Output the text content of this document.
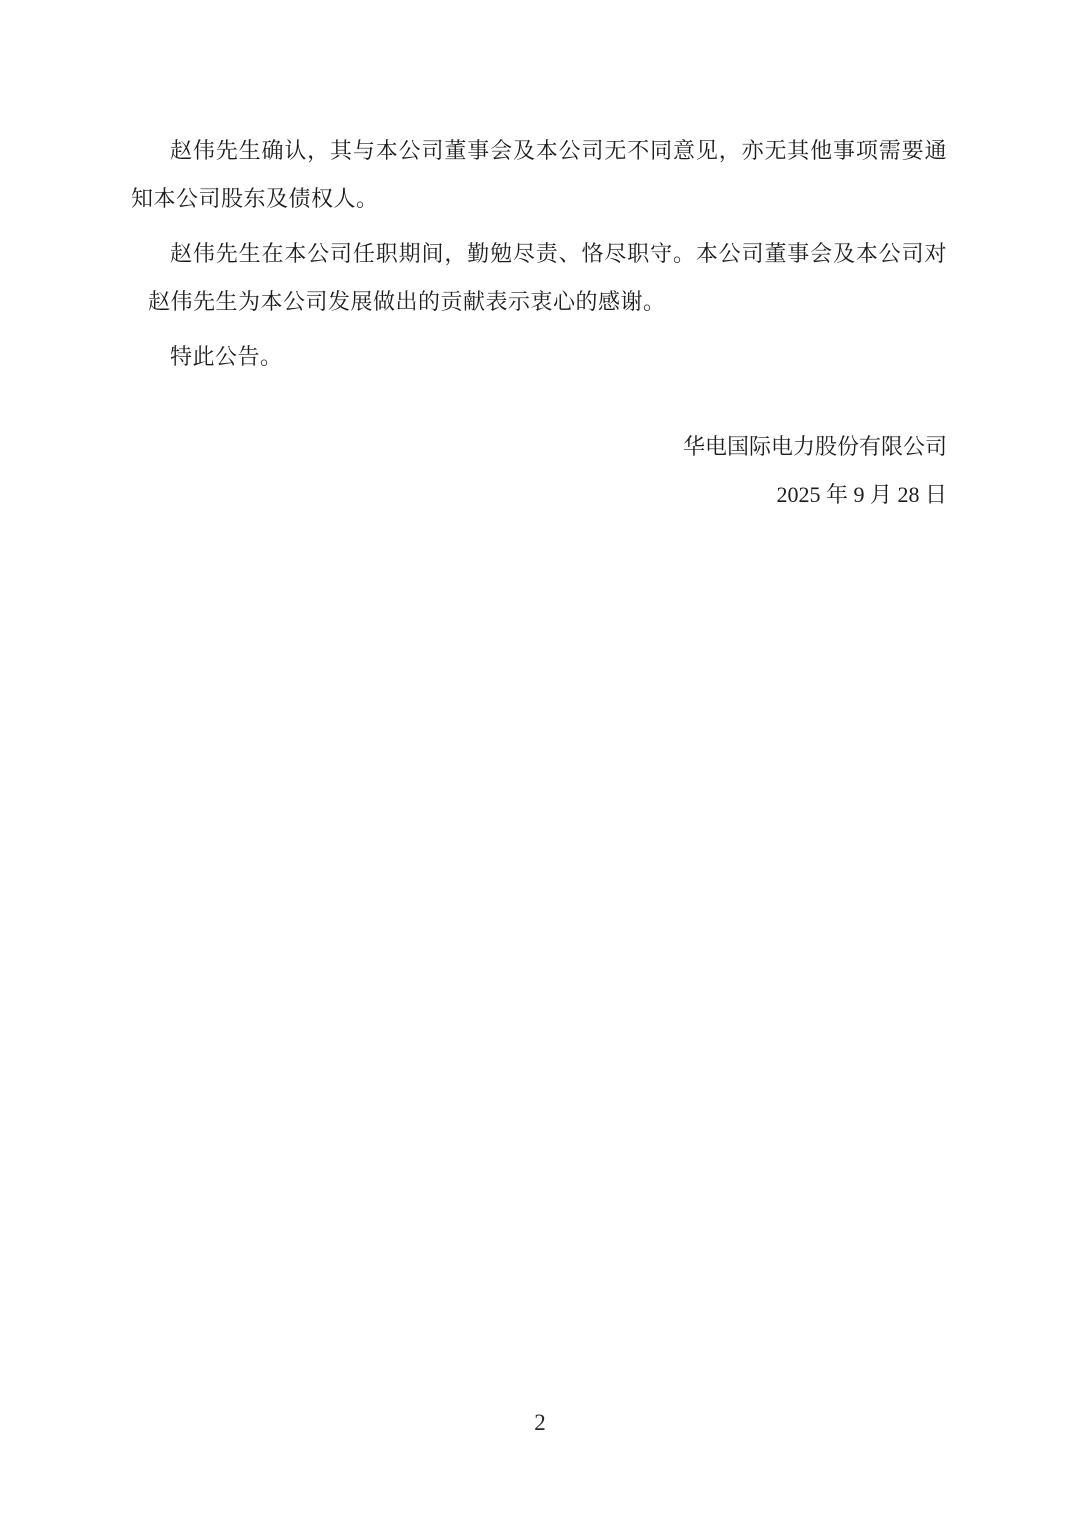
赵伟先生确认，其与本公司董事会及本公司无不同意见，亦无其他事项需要通知本公司股东及债权人。

赵伟先生在本公司任职期间，勤勉尽责、恪尽职守。本公司董事会及本公司对赵伟先生为本公司发展做出的贡献表示衷心的感谢。

特此公告。

华电国际电力股份有限公司
2025 年 9 月 28 日
2
